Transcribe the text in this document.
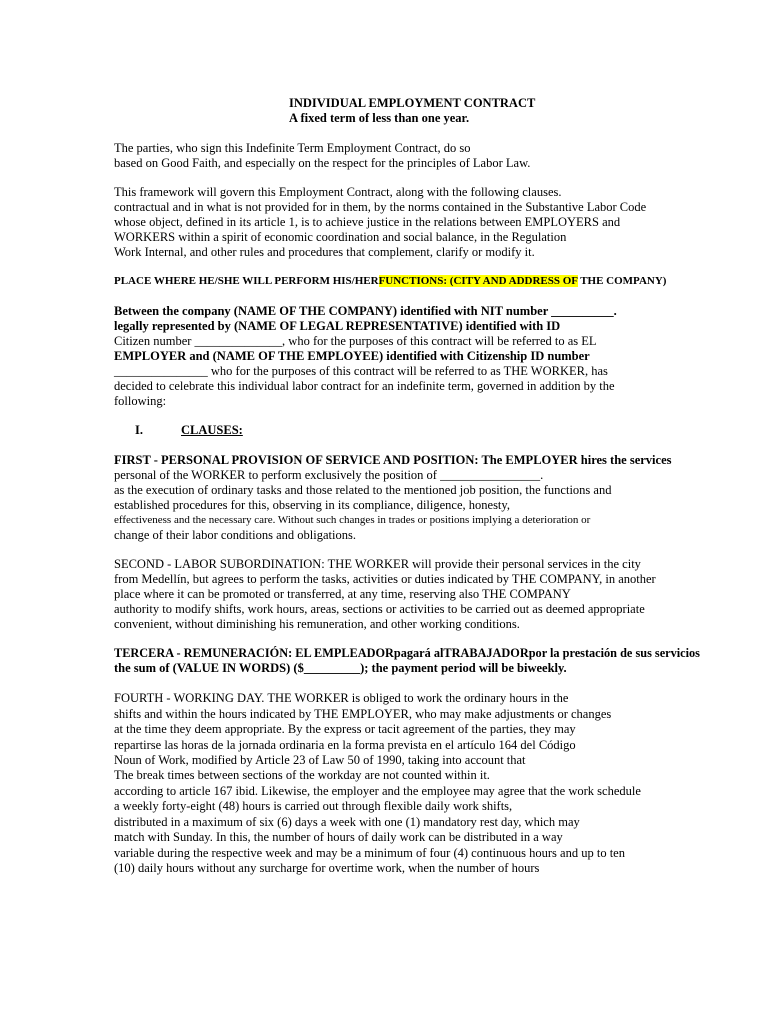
INDIVIDUAL EMPLOYMENT CONTRACT
A fixed term of less than one year.
The parties, who sign this Indefinite Term Employment Contract, do so
based on Good Faith, and especially on the respect for the principles of Labor Law.
This framework will govern this Employment Contract, along with the following clauses.
contractual and in what is not provided for in them, by the norms contained in the Substantive Labor Code
whose object, defined in its article 1, is to achieve justice in the relations between EMPLOYERS and
WORKERS within a spirit of economic coordination and social balance, in the Regulation
Work Internal, and other rules and procedures that complement, clarify or modify it.
PLACE WHERE HE/SHE WILL PERFORM HIS/HERFUNCTIONS: (CITY AND ADDRESS OF THE COMPANY)
Between the company (NAME OF THE COMPANY) identified with NIT number __________.
legally represented by (NAME OF LEGAL REPRESENTATIVE) identified with ID
Citizen number ______________, who for the purposes of this contract will be referred to as EL
EMPLOYER and (NAME OF THE EMPLOYEE) identified with Citizenship ID number
_______________ who for the purposes of this contract will be referred to as THE WORKER, has
decided to celebrate this individual labor contract for an indefinite term, governed in addition by the
following:
I.	CLAUSES:
FIRST - PERSONAL PROVISION OF SERVICE AND POSITION: The EMPLOYER hires the services
personal of the WORKER to perform exclusively the position of ________________.
as the execution of ordinary tasks and those related to the mentioned job position, the functions and
established procedures for this, observing in its compliance, diligence, honesty,
effectiveness and the necessary care. Without such changes in trades or positions implying a deterioration or
change of their labor conditions and obligations.
SECOND - LABOR SUBORDINATION: THE WORKER will provide their personal services in the city
from Medellín, but agrees to perform the tasks, activities or duties indicated by THE COMPANY, in another
place where it can be promoted or transferred, at any time, reserving also THE COMPANY
authority to modify shifts, work hours, areas, sections or activities to be carried out as deemed appropriate
convenient, without diminishing his remuneration, and other working conditions.
TERCERA - REMUNERACIÓN: EL EMPLEADORpagará alTRABAJADORpor la prestación de sus servicios
the sum of (VALUE IN WORDS) ($_________); the payment period will be biweekly.
FOURTH - WORKING DAY. THE WORKER is obliged to work the ordinary hours in the
shifts and within the hours indicated by THE EMPLOYER, who may make adjustments or changes
at the time they deem appropriate. By the express or tacit agreement of the parties, they may
repartirse las horas de la jornada ordinaria en la forma prevista en el artículo 164 del Código
Noun of Work, modified by Article 23 of Law 50 of 1990, taking into account that
The break times between sections of the workday are not counted within it.
according to article 167 ibid. Likewise, the employer and the employee may agree that the work schedule
a weekly forty-eight (48) hours is carried out through flexible daily work shifts,
distributed in a maximum of six (6) days a week with one (1) mandatory rest day, which may
match with Sunday. In this, the number of hours of daily work can be distributed in a way
variable during the respective week and may be a minimum of four (4) continuous hours and up to ten
(10) daily hours without any surcharge for overtime work, when the number of hours
